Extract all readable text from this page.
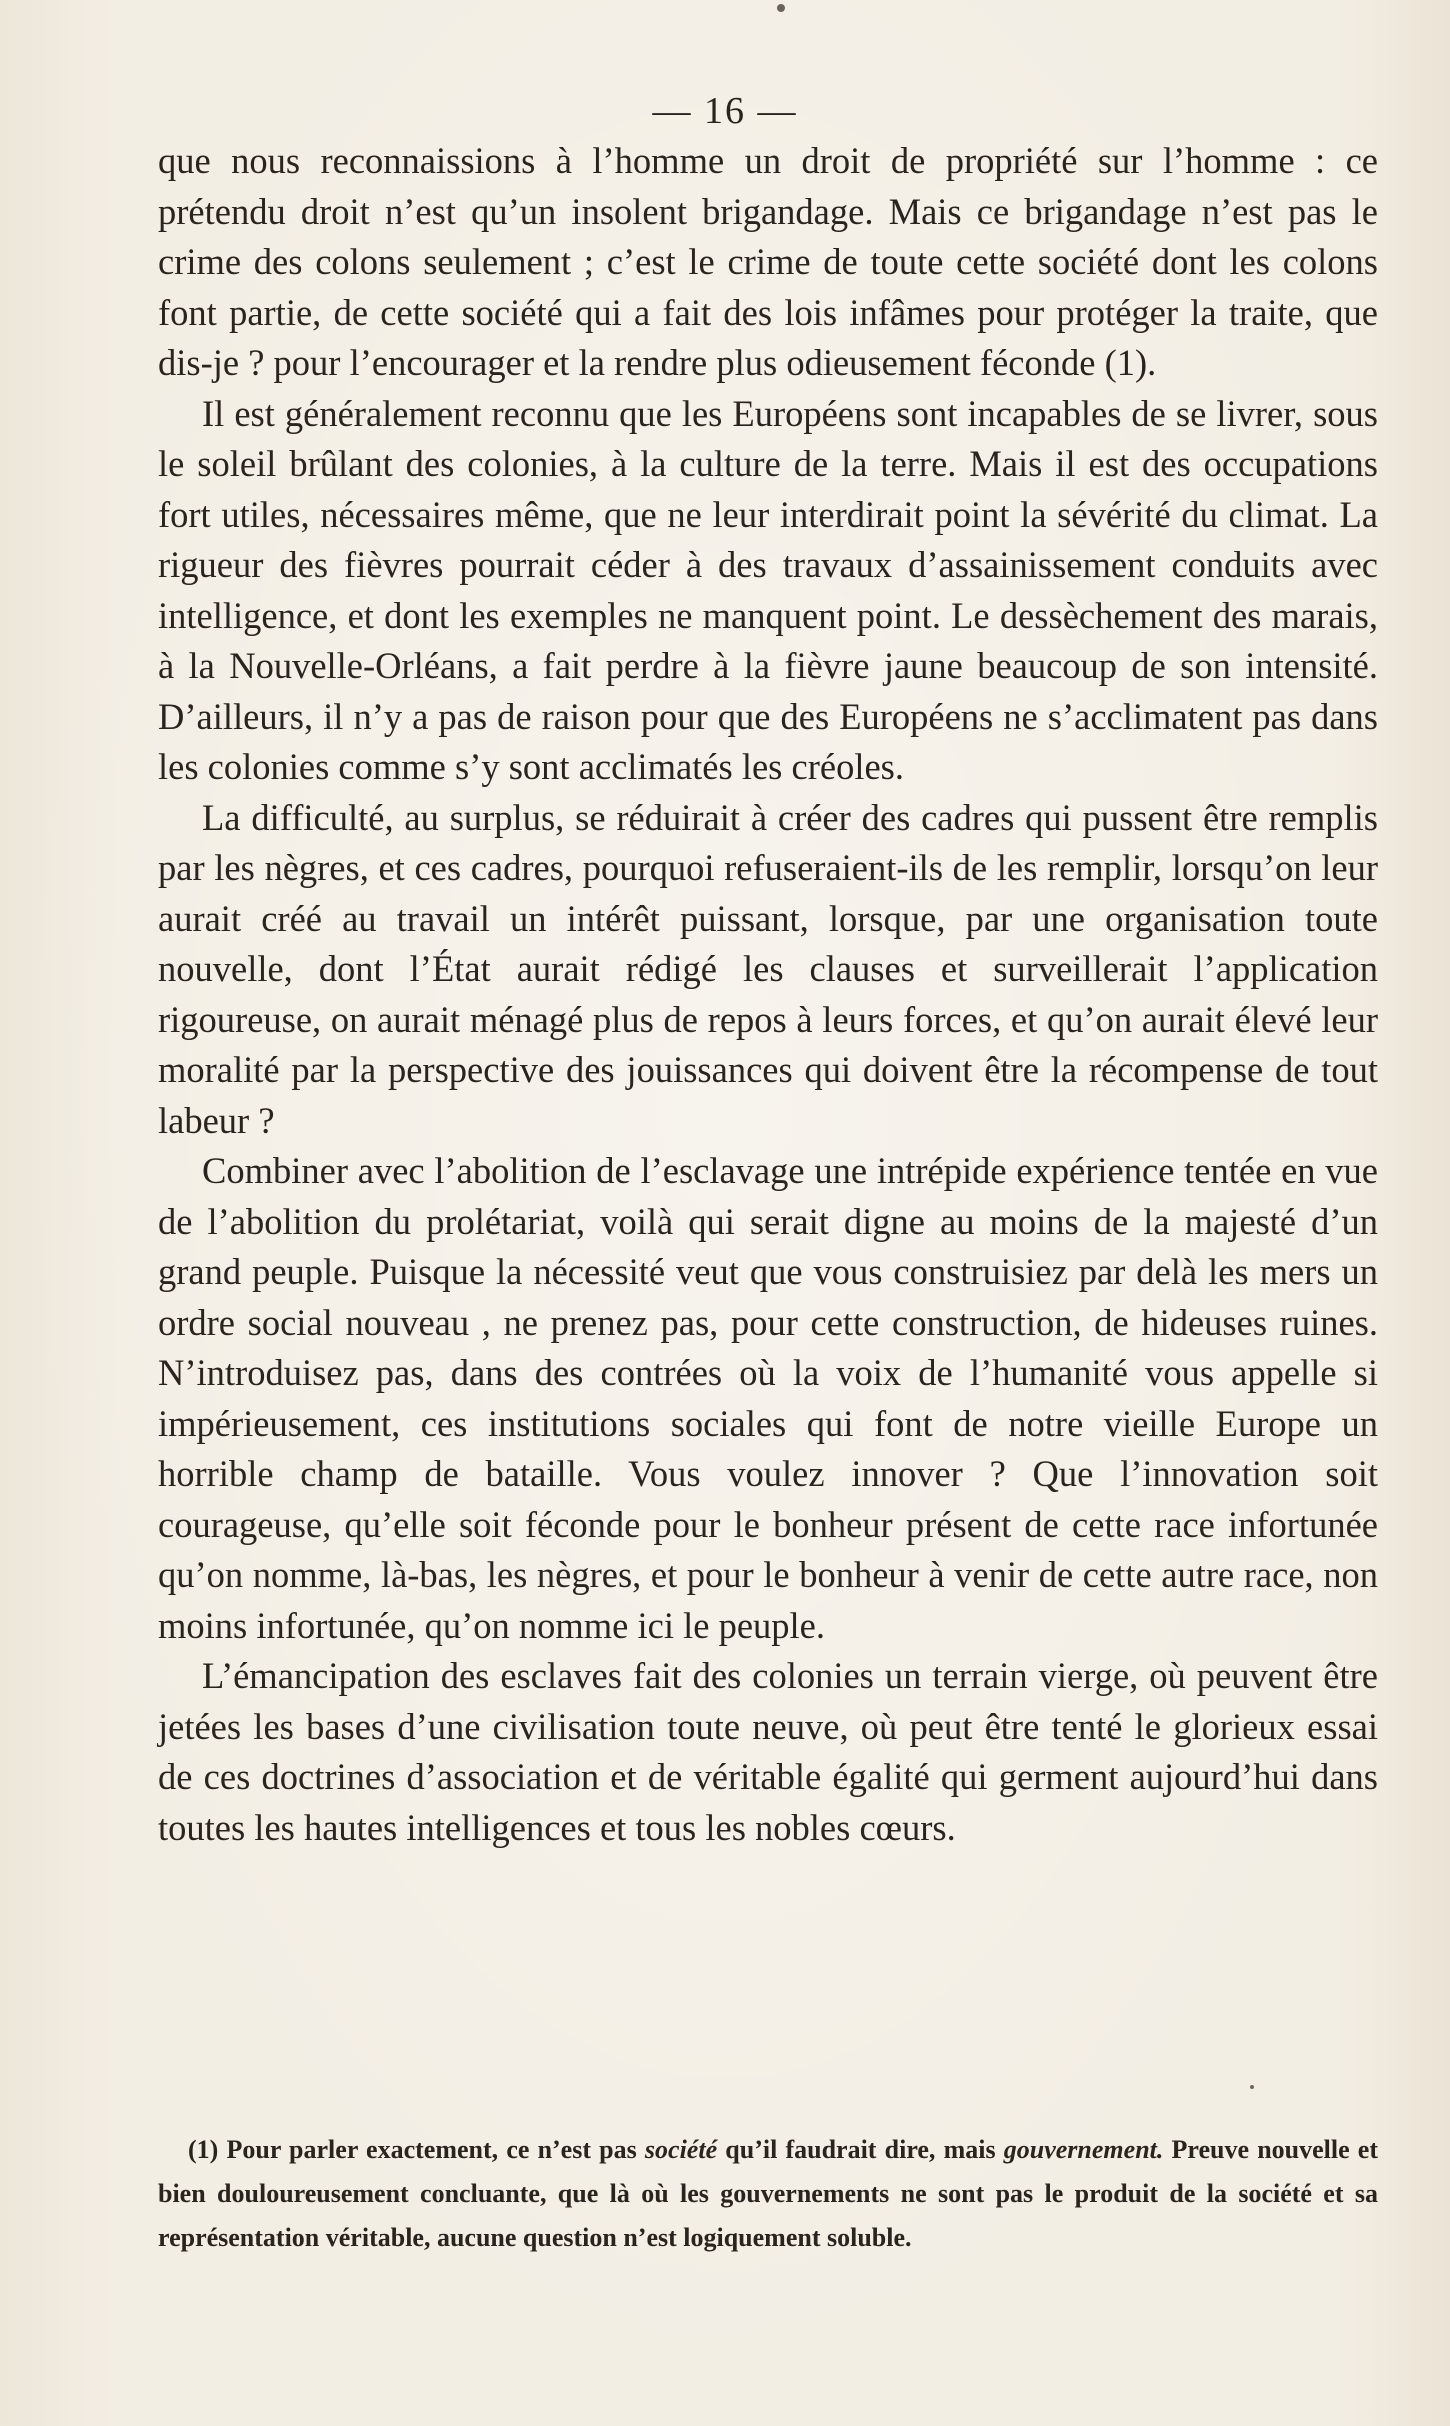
— 16 —

que nous reconnaissions à l’homme un droit de propriété sur l’homme : ce prétendu droit n’est qu’un insolent brigandage. Mais ce brigandage n’est pas le crime des colons seulement ; c’est le crime de toute cette société dont les colons font partie, de cette société qui a fait des lois infâmes pour protéger la traite, que dis-je ? pour l’encourager et la rendre plus odieusement féconde (1).

Il est généralement reconnu que les Européens sont incapables de se livrer, sous le soleil brûlant des colonies, à la culture de la terre. Mais il est des occupations fort utiles, nécessaires même, que ne leur interdirait point la sévérité du climat. La rigueur des fièvres pourrait céder à des travaux d’assainissement conduits avec intelligence, et dont les exemples ne manquent point. Le dessèchement des marais, à la Nouvelle-Orléans, a fait perdre à la fièvre jaune beaucoup de son intensité. D’ailleurs, il n’y a pas de raison pour que des Européens ne s’acclimatent pas dans les colonies comme s’y sont acclimatés les créoles.

La difficulté, au surplus, se réduirait à créer des cadres qui pussent être remplis par les nègres, et ces cadres, pourquoi refuseraient-ils de les remplir, lorsqu’on leur aurait créé au travail un intérêt puissant, lorsque, par une organisation toute nouvelle, dont l’État aurait rédigé les clauses et surveillerait l’application rigoureuse, on aurait ménagé plus de repos à leurs forces, et qu’on aurait élevé leur moralité par la perspective des jouissances qui doivent être la récompense de tout labeur ?

Combiner avec l’abolition de l’esclavage une intrépide expérience tentée en vue de l’abolition du prolétariat, voilà qui serait digne au moins de la majesté d’un grand peuple. Puisque la nécessité veut que vous construisiez par delà les mers un ordre social nouveau , ne prenez pas, pour cette construction, de hideuses ruines. N’introduisez pas, dans des contrées où la voix de l’humanité vous appelle si impérieusement, ces institutions sociales qui font de notre vieille Europe un horrible champ de bataille. Vous voulez innover ? Que l’innovation soit courageuse, qu’elle soit féconde pour le bonheur présent de cette race infortunée qu’on nomme, là-bas, les nègres, et pour le bonheur à venir de cette autre race, non moins infortunée, qu’on nomme ici le peuple.

L’émancipation des esclaves fait des colonies un terrain vierge, où peuvent être jetées les bases d’une civilisation toute neuve, où peut être tenté le glorieux essai de ces doctrines d’association et de véritable égalité qui germent aujourd’hui dans toutes les hautes intelligences et tous les nobles cœurs.

(1) Pour parler exactement, ce n’est pas société qu’il faudrait dire, mais gouvernement. Preuve nouvelle et bien douloureusement concluante, que là où les gouvernements ne sont pas le produit de la société et sa représentation véritable, aucune question n’est logiquement soluble.
